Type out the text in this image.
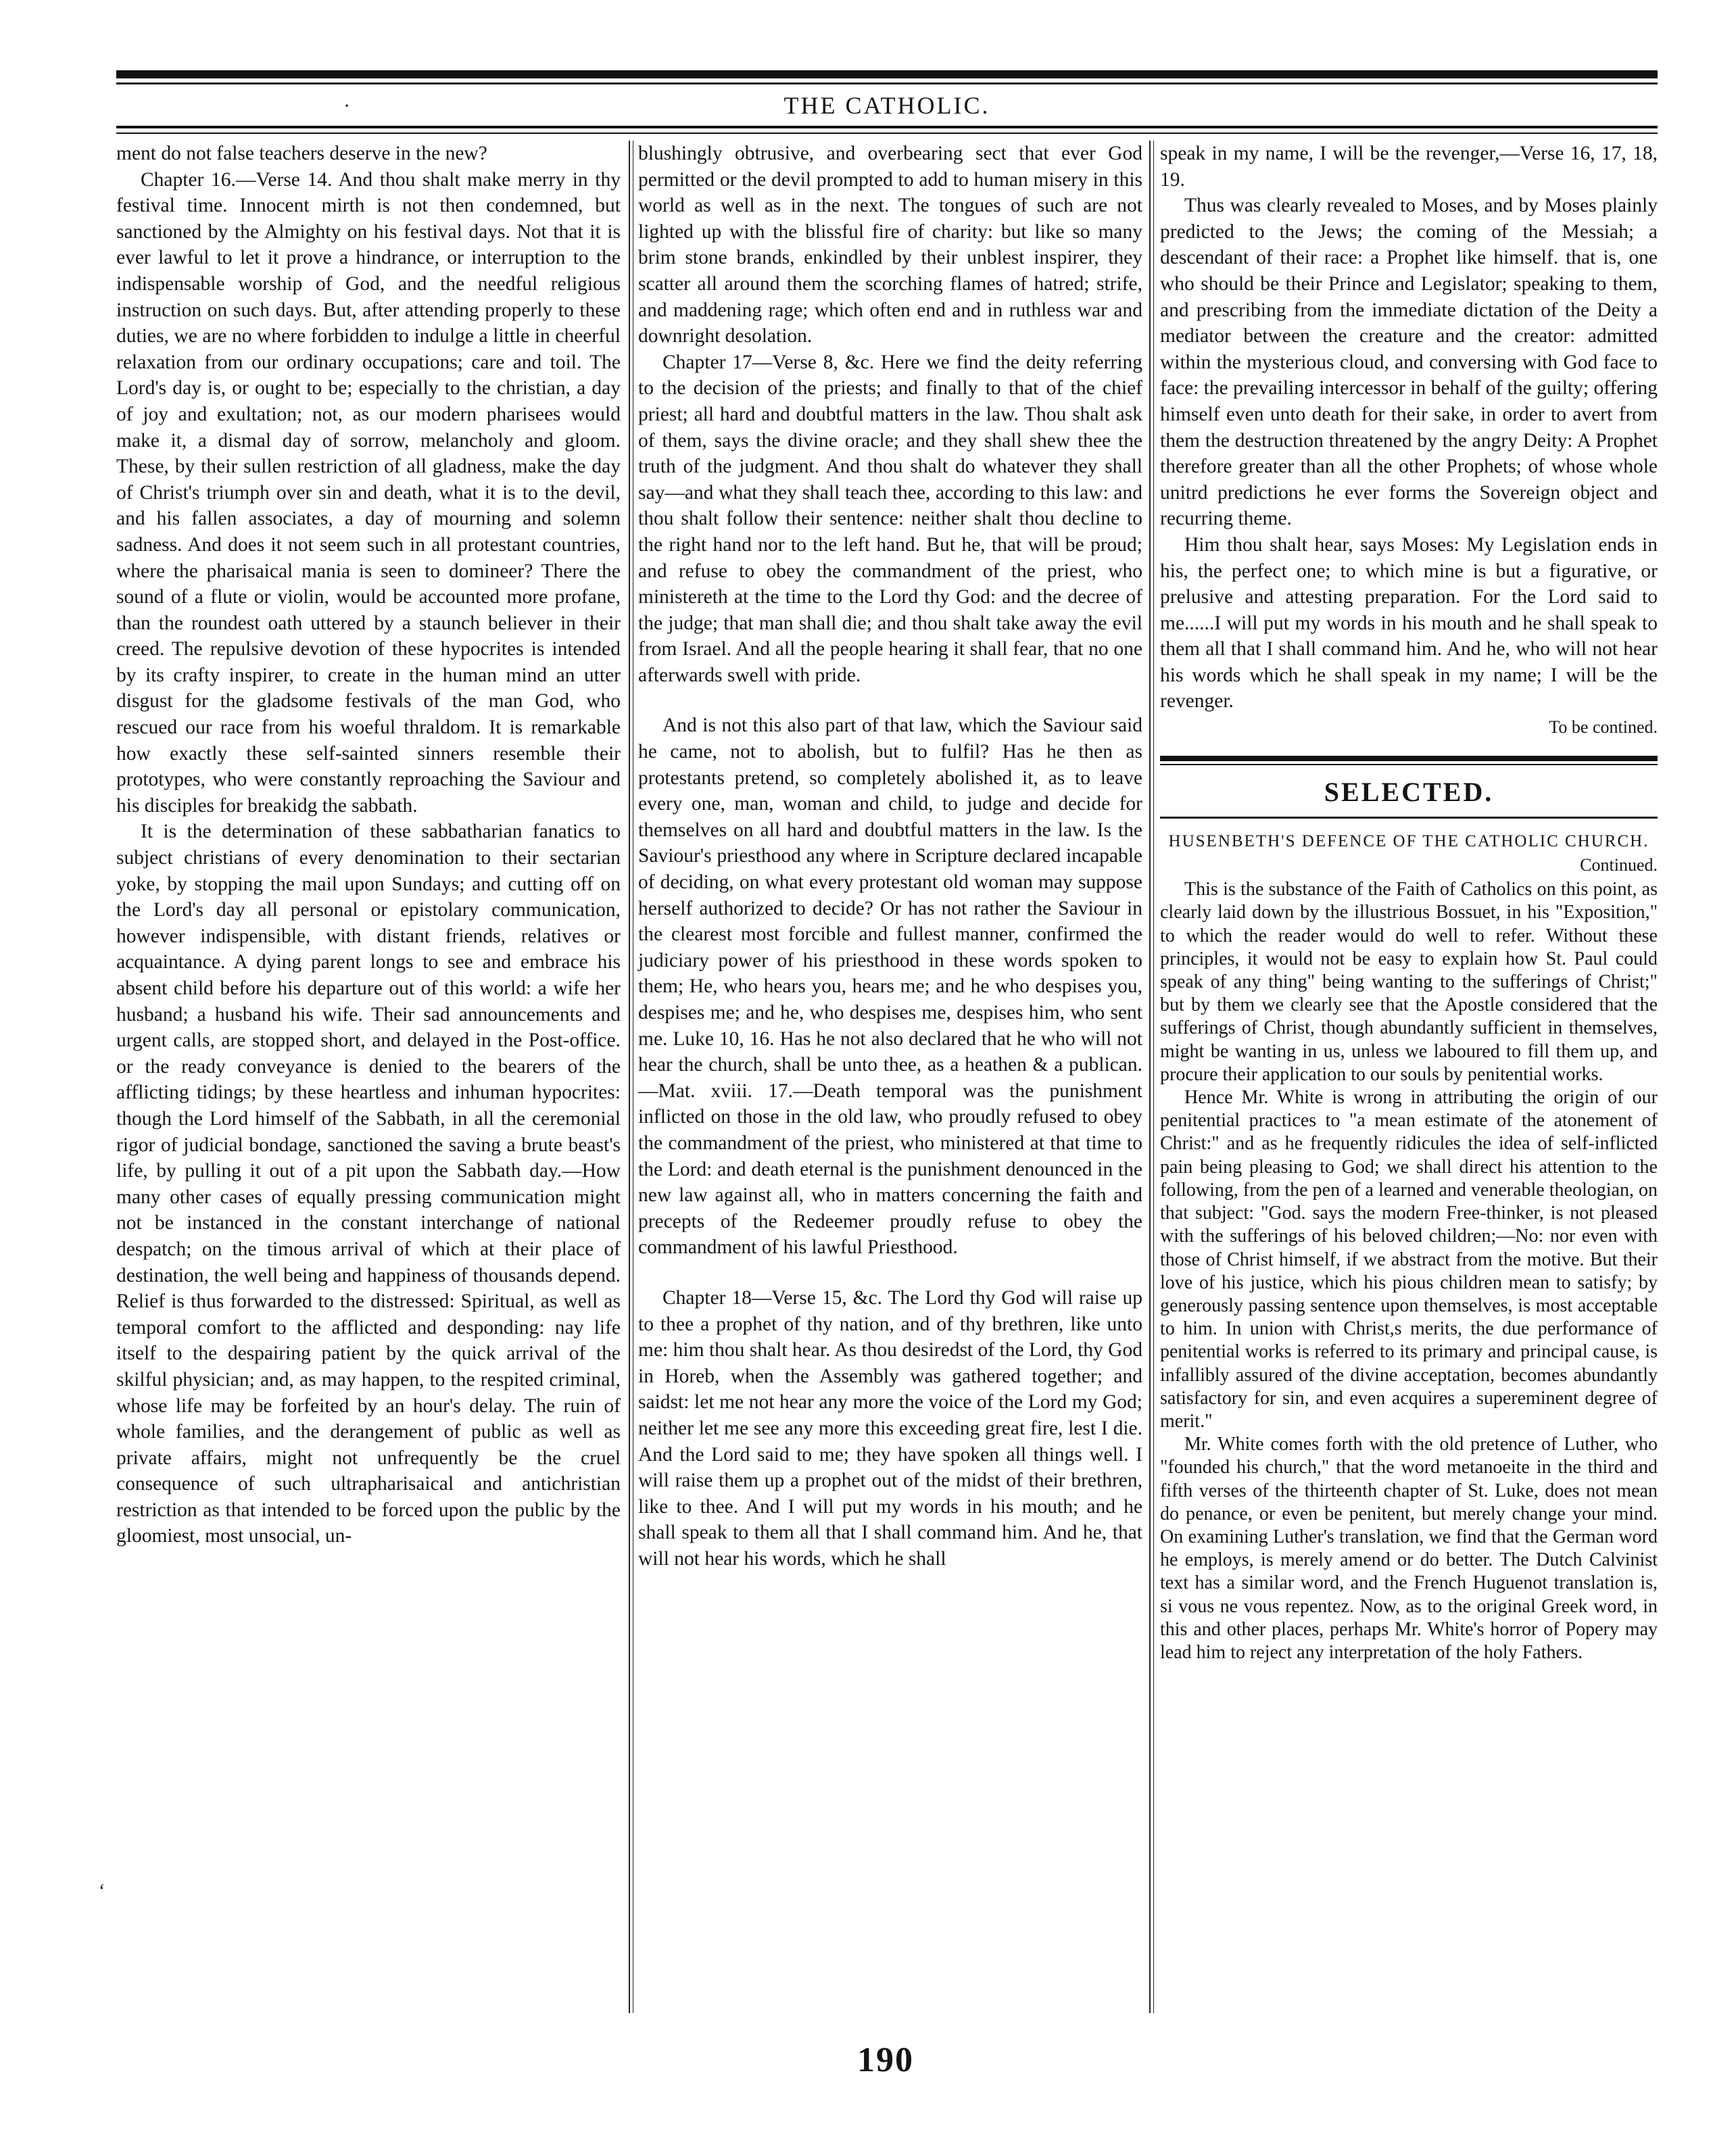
·	THE CATHOLIC.

ment do not false teachers deserve in the new?

Chapter 16.—Verse 14. And thou shalt make merry in thy festival time. Innocent mirth is not then condemned, but sanctioned by the Almighty on his festival days. Not that it is ever lawful to let it prove a hindrance, or interruption to the indispensable worship of God, and the needful religious instruction on such days. But, after attending properly to these duties, we are no where forbidden to indulge a little in cheerful relaxation from our ordinary occupations; care and toil. The Lord's day is, or ought to be; especially to the christian, a day of joy and exultation; not, as our modern pharisees would make it, a dismal day of sorrow, melancholy and gloom. These, by their sullen restriction of all gladness, make the day of Christ's triumph over sin and death, what it is to the devil, and his fallen associates, a day of mourning and solemn sadness. And does it not seem such in all protestant countries, where the pharisaical mania is seen to domineer? There the sound of a flute or violin, would be accounted more profane, than the roundest oath uttered by a staunch believer in their creed. The repulsive devotion of these hypocrites is intended by its crafty inspirer, to create in the human mind an utter disgust for the gladsome festivals of the man God, who rescued our race from his woeful thraldom. It is remarkable how exactly these self-sainted sinners resemble their prototypes, who were constantly reproaching the Saviour and his disciples for breakidg the sabbath.

It is the determination of these sabbatharian fanatics to subject christians of every denomination to their sectarian yoke, by stopping the mail upon Sundays; and cutting off on the Lord's day all personal or epistolary communication, however indispensible, with distant friends, relatives or acquaintance. A dying parent longs to see and embrace his absent child before his departure out of this world: a wife her husband; a husband his wife. Their sad announcements and urgent calls, are stopped short, and delayed in the Post-office. or the ready conveyance is denied to the bearers of the afflicting tidings; by these heartless and inhuman hypocrites: though the Lord himself of the Sabbath, in all the ceremonial rigor of judicial bondage, sanctioned the saving a brute beast's life, by pulling it out of a pit upon the Sabbath day.—How many other cases of equally pressing communication might not be instanced in the constant interchange of national despatch; on the timous arrival of which at their place of destination, the well being and happiness of thousands depend. Relief is thus forwarded to the distressed: Spiritual, as well as temporal comfort to the afflicted and desponding: nay life itself to the despairing patient by the quick arrival of the skilful physician; and, as may happen, to the respited criminal, whose life may be forfeited by an hour's delay. The ruin of whole families, and the derangement of public as well as private affairs, might not unfrequently be the cruel consequence of such ultrapharisaical and antichristian restriction as that intended to be forced upon the public by the gloomiest, most unsocial, un-

blushingly obtrusive, and overbearing sect that ever God permitted or the devil prompted to add to human misery in this world as well as in the next. The tongues of such are not lighted up with the blissful fire of charity: but like so many brim stone brands, enkindled by their unblest inspirer, they scatter all around them the scorching flames of hatred; strife, and maddening rage; which often end and in ruthless war and downright desolation.

Chapter 17—Verse 8, &c. Here we find the deity referring to the decision of the priests; and finally to that of the chief priest; all hard and doubtful matters in the law. Thou shalt ask of them, says the divine oracle; and they shall shew thee the truth of the judgment. And thou shalt do whatever they shall say—and what they shall teach thee, according to this law: and thou shalt follow their sentence: neither shalt thou decline to the right hand nor to the left hand. But he, that will be proud; and refuse to obey the commandment of the priest, who ministereth at the time to the Lord thy God: and the decree of the judge; that man shall die; and thou shalt take away the evil from Israel. And all the people hearing it shall fear, that no one afterwards swell with pride.

And is not this also part of that law, which the Saviour said he came, not to abolish, but to fulfil? Has he then as protestants pretend, so completely abolished it, as to leave every one, man, woman and child, to judge and decide for themselves on all hard and doubtful matters in the law. Is the Saviour's priesthood any where in Scripture declared incapable of deciding, on what every protestant old woman may suppose herself authorized to decide? Or has not rather the Saviour in the clearest most forcible and fullest manner, confirmed the judiciary power of his priesthood in these words spoken to them; He, who hears you, hears me; and he who despises you, despises me; and he, who despises me, despises him, who sent me. Luke 10, 16. Has he not also declared that he who will not hear the church, shall be unto thee, as a heathen & a publican.—Mat. xviii. 17.—Death temporal was the punishment inflicted on those in the old law, who proudly refused to obey the commandment of the priest, who ministered at that time to the Lord: and death eternal is the punishment denounced in the new law against all, who in matters concerning the faith and precepts of the Redeemer proudly refuse to obey the commandment of his lawful Priesthood.

Chapter 18—Verse 15, &c. The Lord thy God will raise up to thee a prophet of thy nation, and of thy brethren, like unto me: him thou shalt hear. As thou desiredst of the Lord, thy God in Horeb, when the Assembly was gathered together; and saidst: let me not hear any more the voice of the Lord my God; neither let me see any more this exceeding great fire, lest I die. And the Lord said to me; they have spoken all things well. I will raise them up a prophet out of the midst of their brethren, like to thee. And I will put my words in his mouth; and he shall speak to them all that I shall command him. And he, that will not hear his words, which he shall

speak in my name, I will be the revenger,—Verse 16, 17, 18, 19.

Thus was clearly revealed to Moses, and by Moses plainly predicted to the Jews; the coming of the Messiah; a descendant of their race: a Prophet like himself. that is, one who should be their Prince and Legislator; speaking to them, and prescribing from the immediate dictation of the Deity a mediator between the creature and the creator: admitted within the mysterious cloud, and conversing with God face to face: the prevailing intercessor in behalf of the guilty; offering himself even unto death for their sake, in order to avert from them the destruction threatened by the angry Deity: A Prophet therefore greater than all the other Prophets; of whose whole unitrd predictions he ever forms the Sovereign object and recurring theme.

Him thou shalt hear, says Moses: My Legislation ends in his, the perfect one; to which mine is but a figurative, or prelusive and attesting preparation. For the Lord said to me......I will put my words in his mouth and he shall speak to them all that I shall command him. And he, who will not hear his words which he shall speak in my name; I will be the revenger.

To be contined.

SELECTED.
HUSENBETH'S DEFENCE OF THE CATHOLIC CHURCH.

Continued.

This is the substance of the Faith of Catholics on this point, as clearly laid down by the illustrious Bossuet, in his "Exposition," to which the reader would do well to refer. Without these principles, it would not be easy to explain how St. Paul could speak of any thing" being wanting to the sufferings of Christ;" but by them we clearly see that the Apostle considered that the sufferings of Christ, though abundantly sufficient in themselves, might be wanting in us, unless we laboured to fill them up, and procure their application to our souls by penitential works.

Hence Mr. White is wrong in attributing the origin of our penitential practices to "a mean estimate of the atonement of Christ:" and as he frequently ridicules the idea of self-inflicted pain being pleasing to God; we shall direct his attention to the following, from the pen of a learned and venerable theologian, on that subject: "God. says the modern Free-thinker, is not pleased with the sufferings of his beloved children;—No: nor even with those of Christ himself, if we abstract from the motive. But their love of his justice, which his pious children mean to satisfy; by generously passing sentence upon themselves, is most acceptable to him. In union with Christ,s merits, the due performance of penitential works is referred to its primary and principal cause, is infallibly assured of the divine acceptation, becomes abundantly satisfactory for sin, and even acquires a supereminent degree of merit."

Mr. White comes forth with the old pretence of Luther, who "founded his church," that the word metanoeite in the third and fifth verses of the thirteenth chapter of St. Luke, does not mean do penance, or even be penitent, but merely change your mind. On examining Luther's translation, we find that the German word he employs, is merely amend or do better. The Dutch Calvinist text has a similar word, and the French Huguenot translation is, si vous ne vous repentez. Now, as to the original Greek word, in this and other places, perhaps Mr. White's horror of Popery may lead him to reject any interpretation of the holy Fathers.

‘
190
